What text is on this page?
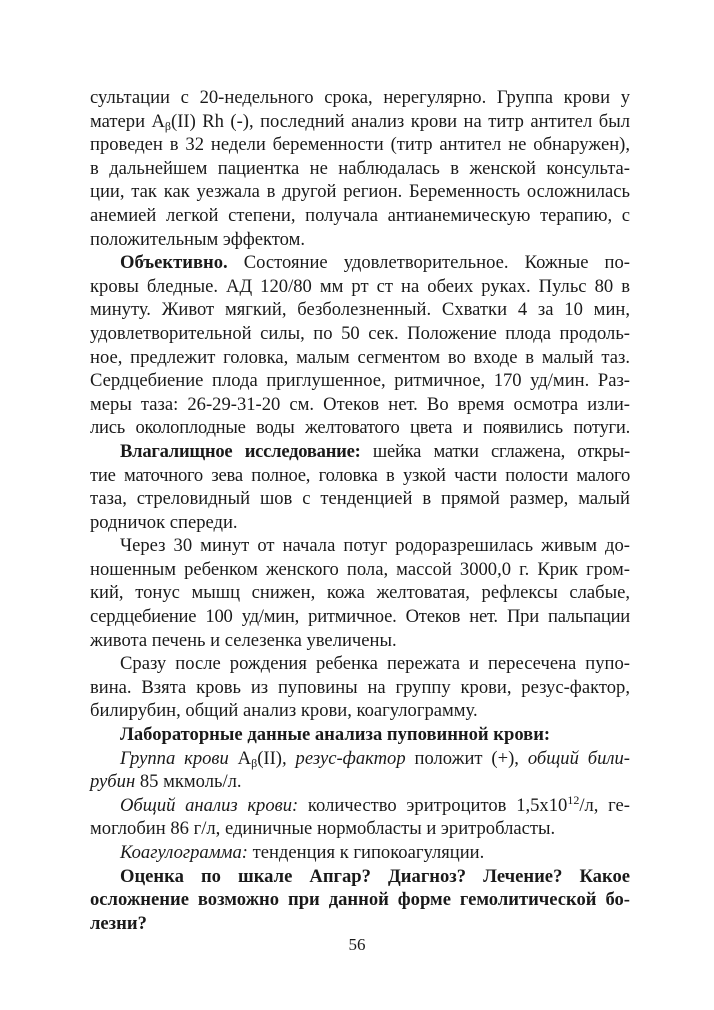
сультации с 20-недельного срока, нерегулярно. Группа крови у
матери $А_\beta(II)$ Rh (-), последний анализ крови на титр антител был
проведен в 32 недели беременности (титр антител не обнаружен),
в дальнейшем пациентка не наблюдалась в женской консульта-
ции, так как уезжала в другой регион. Беременность осложнилась
анемией легкой степени, получала антианемическую терапию, с
положительным эффектом.
Объективно. Состояние удовлетворительное. Кожные по-
кровы бледные. АД 120/80 мм рт ст на обеих руках. Пульс 80 в
минуту. Живот мягкий, безболезненный. Схватки 4 за 10 мин,
удовлетворительной силы, по 50 сек. Положение плода продоль-
ное, предлежит головка, малым сегментом во входе в малый таз.
Сердцебиение плода приглушенное, ритмичное, 170 уд/мин. Раз-
меры таза: 26-29-31-20 см. Отеков нет. Во время осмотра изли-
лись околоплодные воды желтоватого цвета и появились потуги.
Влагалищное исследование: шейка матки сглажена, откры-
тие маточного зева полное, головка в узкой части полости малого
таза, стреловидный шов с тенденцией в прямой размер, малый
родничок спереди.
Через 30 минут от начала потуг родоразрешилась живым до-
ношенным ребенком женского пола, массой 3000,0 г. Крик гром-
кий, тонус мышц снижен, кожа желтоватая, рефлексы слабые,
сердцебиение 100 уд/мин, ритмичное. Отеков нет. При пальпации
живота печень и селезенка увеличены.
Сразу после рождения ребенка пережата и пересечена пупо-
вина. Взята кровь из пуповины на группу крови, резус-фактор,
билирубин, общий анализ крови, коагулограмму.
Лабораторные данные анализа пуповинной крови:
Группа крови $А_\beta(II)$, резус-фактор положит (+), общий били-
рубин 85 мкмоль/л.
Общий анализ крови: количество эритроцитов $1,5х10^{12}/л$, ге-
моглобин 86 г/л, единичные нормобласты и эритробласты.
Коагулограмма: тенденция к гипокоагуляции.
Оценка по шкале Апгар? Диагноз? Лечение? Какое
осложнение возможно при данной форме гемолитической бо-
лезни?
56
